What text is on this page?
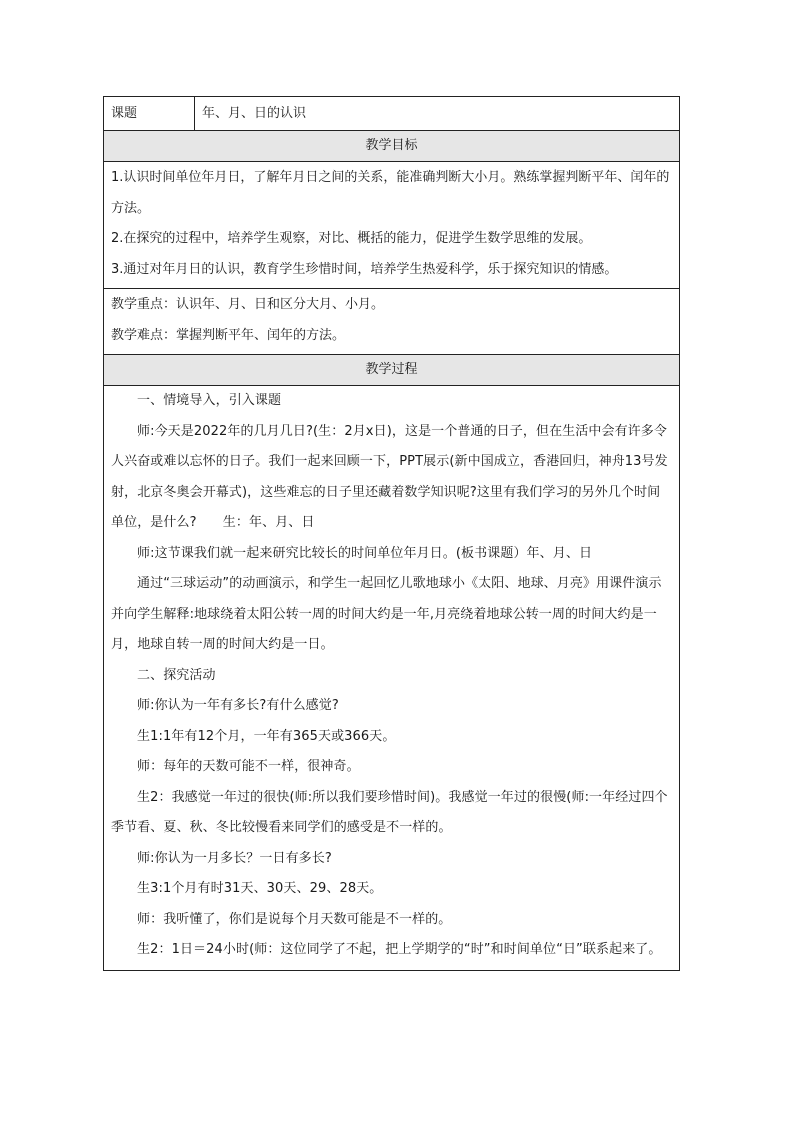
课题	年、月、日的认识
教学目标

1.认识时间单位年月日，了解年月日之间的关系，能准确判断大小月。熟练掌握判断平年、闰年的方法。

2.在探究的过程中，培养学生观察，对比、概括的能力，促进学生数学思维的发展。

3.通过对年月日的认识，教育学生珍惜时间，培养学生热爱科学，乐于探究知识的情感。

教学重点：认识年、月、日和区分大月、小月。

教学难点：掌握判断平年、闰年的方法。

教学过程

一、情境导入，引入课题

师:今天是2022年的几月几日?(生：2月x日)，这是一个普通的日子，但在生活中会有许多令人兴奋或难以忘怀的日子。我们一起来回顾一下，PPT展示(新中国成立，香港回归，神舟13号发射，北京冬奥会开幕式)，这些难忘的日子里还藏着数学知识呢?这里有我们学习的另外几个时间单位，是什么?　　生：年、月、日

师:这节课我们就一起来研究比较长的时间单位年月日。(板书课题）年、月、日

通过“三球运动”的动画演示，和学生一起回忆儿歌地球小《太阳、地球、月亮》用课件演示并向学生解释:地球绕着太阳公转一周的时间大约是一年,月亮绕着地球公转一周的时间大约是一月，地球自转一周的时间大约是一日。

二、探究活动

师:你认为一年有多长?有什么感觉?

生1:1年有12个月，一年有365天或366天。

师：每年的天数可能不一样，很神奇。

生2：我感觉一年过的很快(师:所以我们要珍惜时间)。我感觉一年过的很慢(师:一年经过四个季节看、夏、秋、冬比较慢看来同学们的感受是不一样的。

师:你认为一月多长？一日有多长?

生3:1个月有时31天、30天、29、28天。

师：我听懂了，你们是说每个月天数可能是不一样的。

生2：1日＝24小时(师：这位同学了不起，把上学期学的“时”和时间单位“日”联系起来了。
